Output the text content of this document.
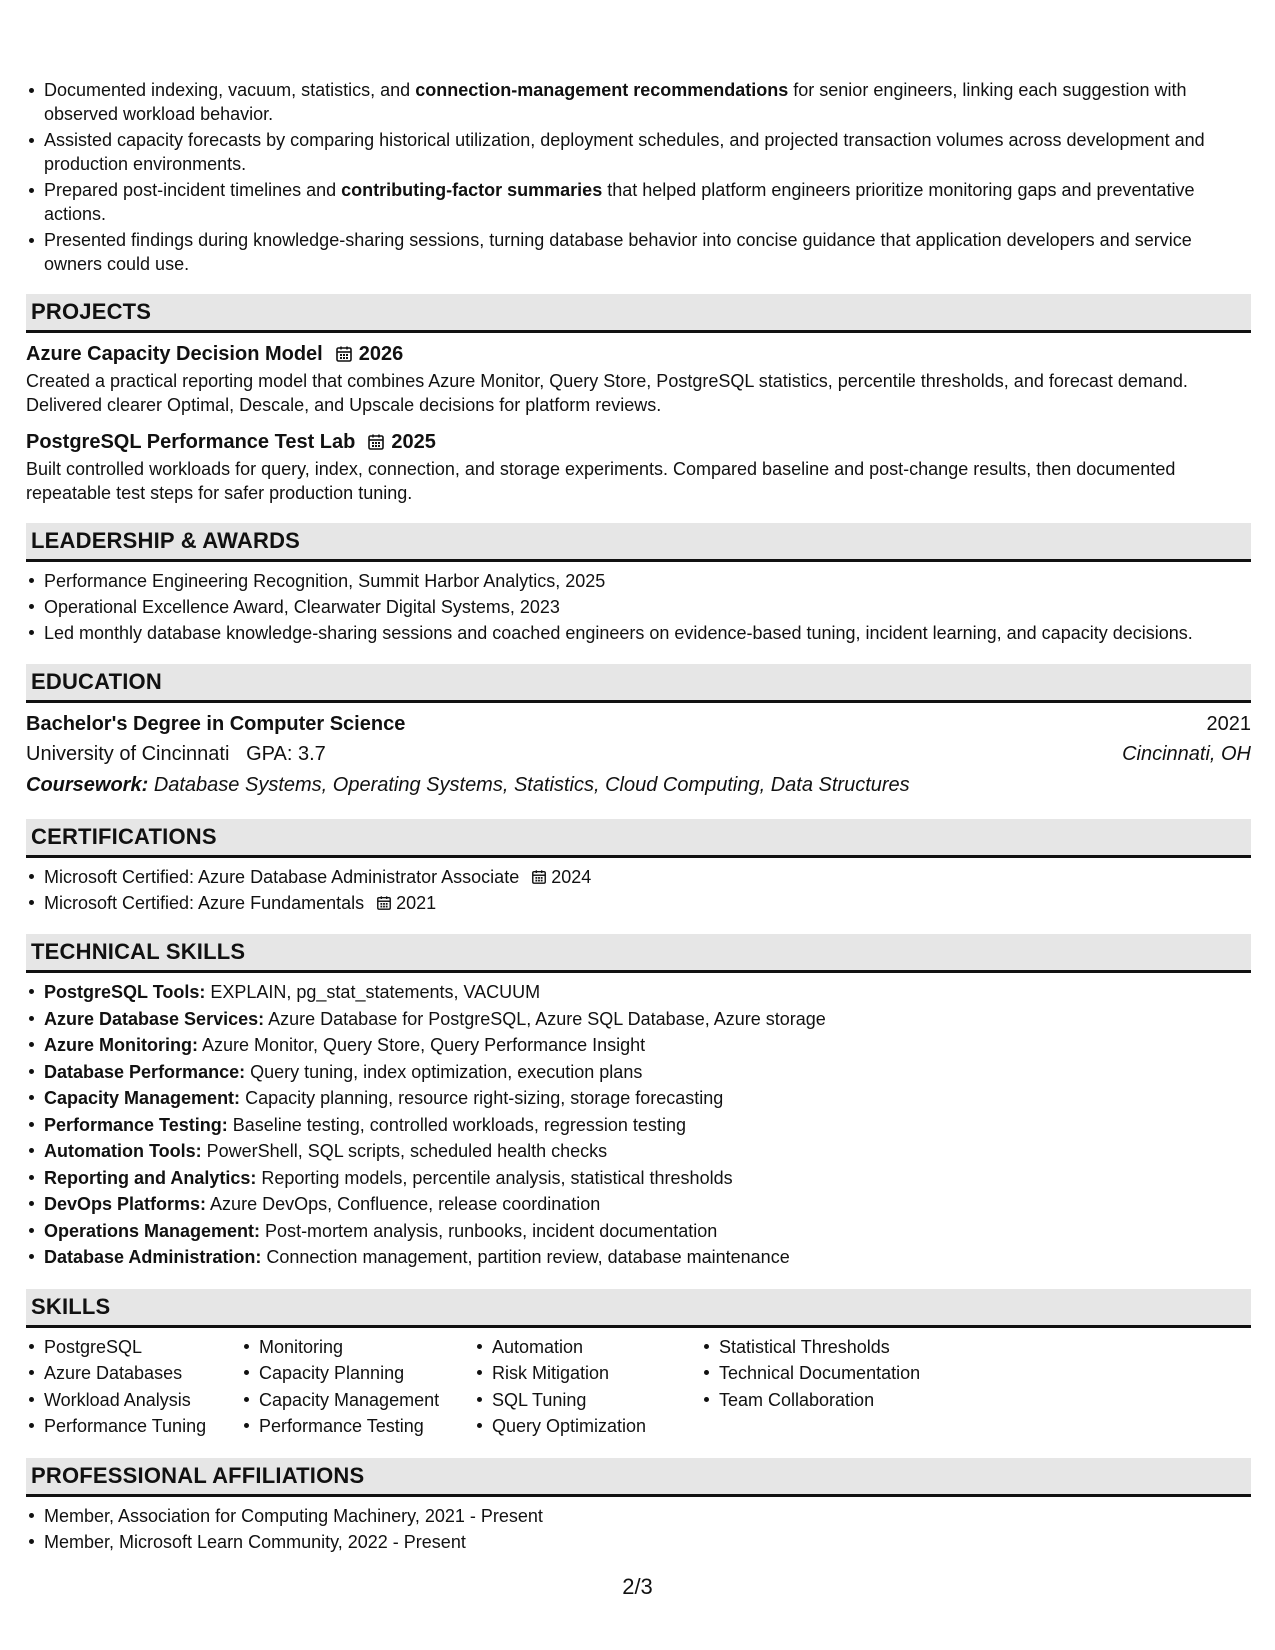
Documented indexing, vacuum, statistics, and connection-management recommendations for senior engineers, linking each suggestion with observed workload behavior.
Assisted capacity forecasts by comparing historical utilization, deployment schedules, and projected transaction volumes across development and production environments.
Prepared post-incident timelines and contributing-factor summaries that helped platform engineers prioritize monitoring gaps and preventative actions.
Presented findings during knowledge-sharing sessions, turning database behavior into concise guidance that application developers and service owners could use.
PROJECTS
Azure Capacity Decision Model 2026
Created a practical reporting model that combines Azure Monitor, Query Store, PostgreSQL statistics, percentile thresholds, and forecast demand. Delivered clearer Optimal, Descale, and Upscale decisions for platform reviews.
PostgreSQL Performance Test Lab 2025
Built controlled workloads for query, index, connection, and storage experiments. Compared baseline and post-change results, then documented repeatable test steps for safer production tuning.
LEADERSHIP & AWARDS
Performance Engineering Recognition, Summit Harbor Analytics, 2025
Operational Excellence Award, Clearwater Digital Systems, 2023
Led monthly database knowledge-sharing sessions and coached engineers on evidence-based tuning, incident learning, and capacity decisions.
EDUCATION
Bachelor's Degree in Computer Science	2021
University of Cincinnati GPA: 3.7	Cincinnati, OH
Coursework: Database Systems, Operating Systems, Statistics, Cloud Computing, Data Structures
CERTIFICATIONS
Microsoft Certified: Azure Database Administrator Associate 2024
Microsoft Certified: Azure Fundamentals 2021
TECHNICAL SKILLS
PostgreSQL Tools: EXPLAIN, pg_stat_statements, VACUUM
Azure Database Services: Azure Database for PostgreSQL, Azure SQL Database, Azure storage
Azure Monitoring: Azure Monitor, Query Store, Query Performance Insight
Database Performance: Query tuning, index optimization, execution plans
Capacity Management: Capacity planning, resource right-sizing, storage forecasting
Performance Testing: Baseline testing, controlled workloads, regression testing
Automation Tools: PowerShell, SQL scripts, scheduled health checks
Reporting and Analytics: Reporting models, percentile analysis, statistical thresholds
DevOps Platforms: Azure DevOps, Confluence, release coordination
Operations Management: Post-mortem analysis, runbooks, incident documentation
Database Administration: Connection management, partition review, database maintenance
SKILLS
PostgreSQL
Azure Databases
Workload Analysis
Performance Tuning
Monitoring
Capacity Planning
Capacity Management
Performance Testing
Automation
Risk Mitigation
SQL Tuning
Query Optimization
Statistical Thresholds
Technical Documentation
Team Collaboration
PROFESSIONAL AFFILIATIONS
Member, Association for Computing Machinery, 2021 - Present
Member, Microsoft Learn Community, 2022 - Present
2/3
